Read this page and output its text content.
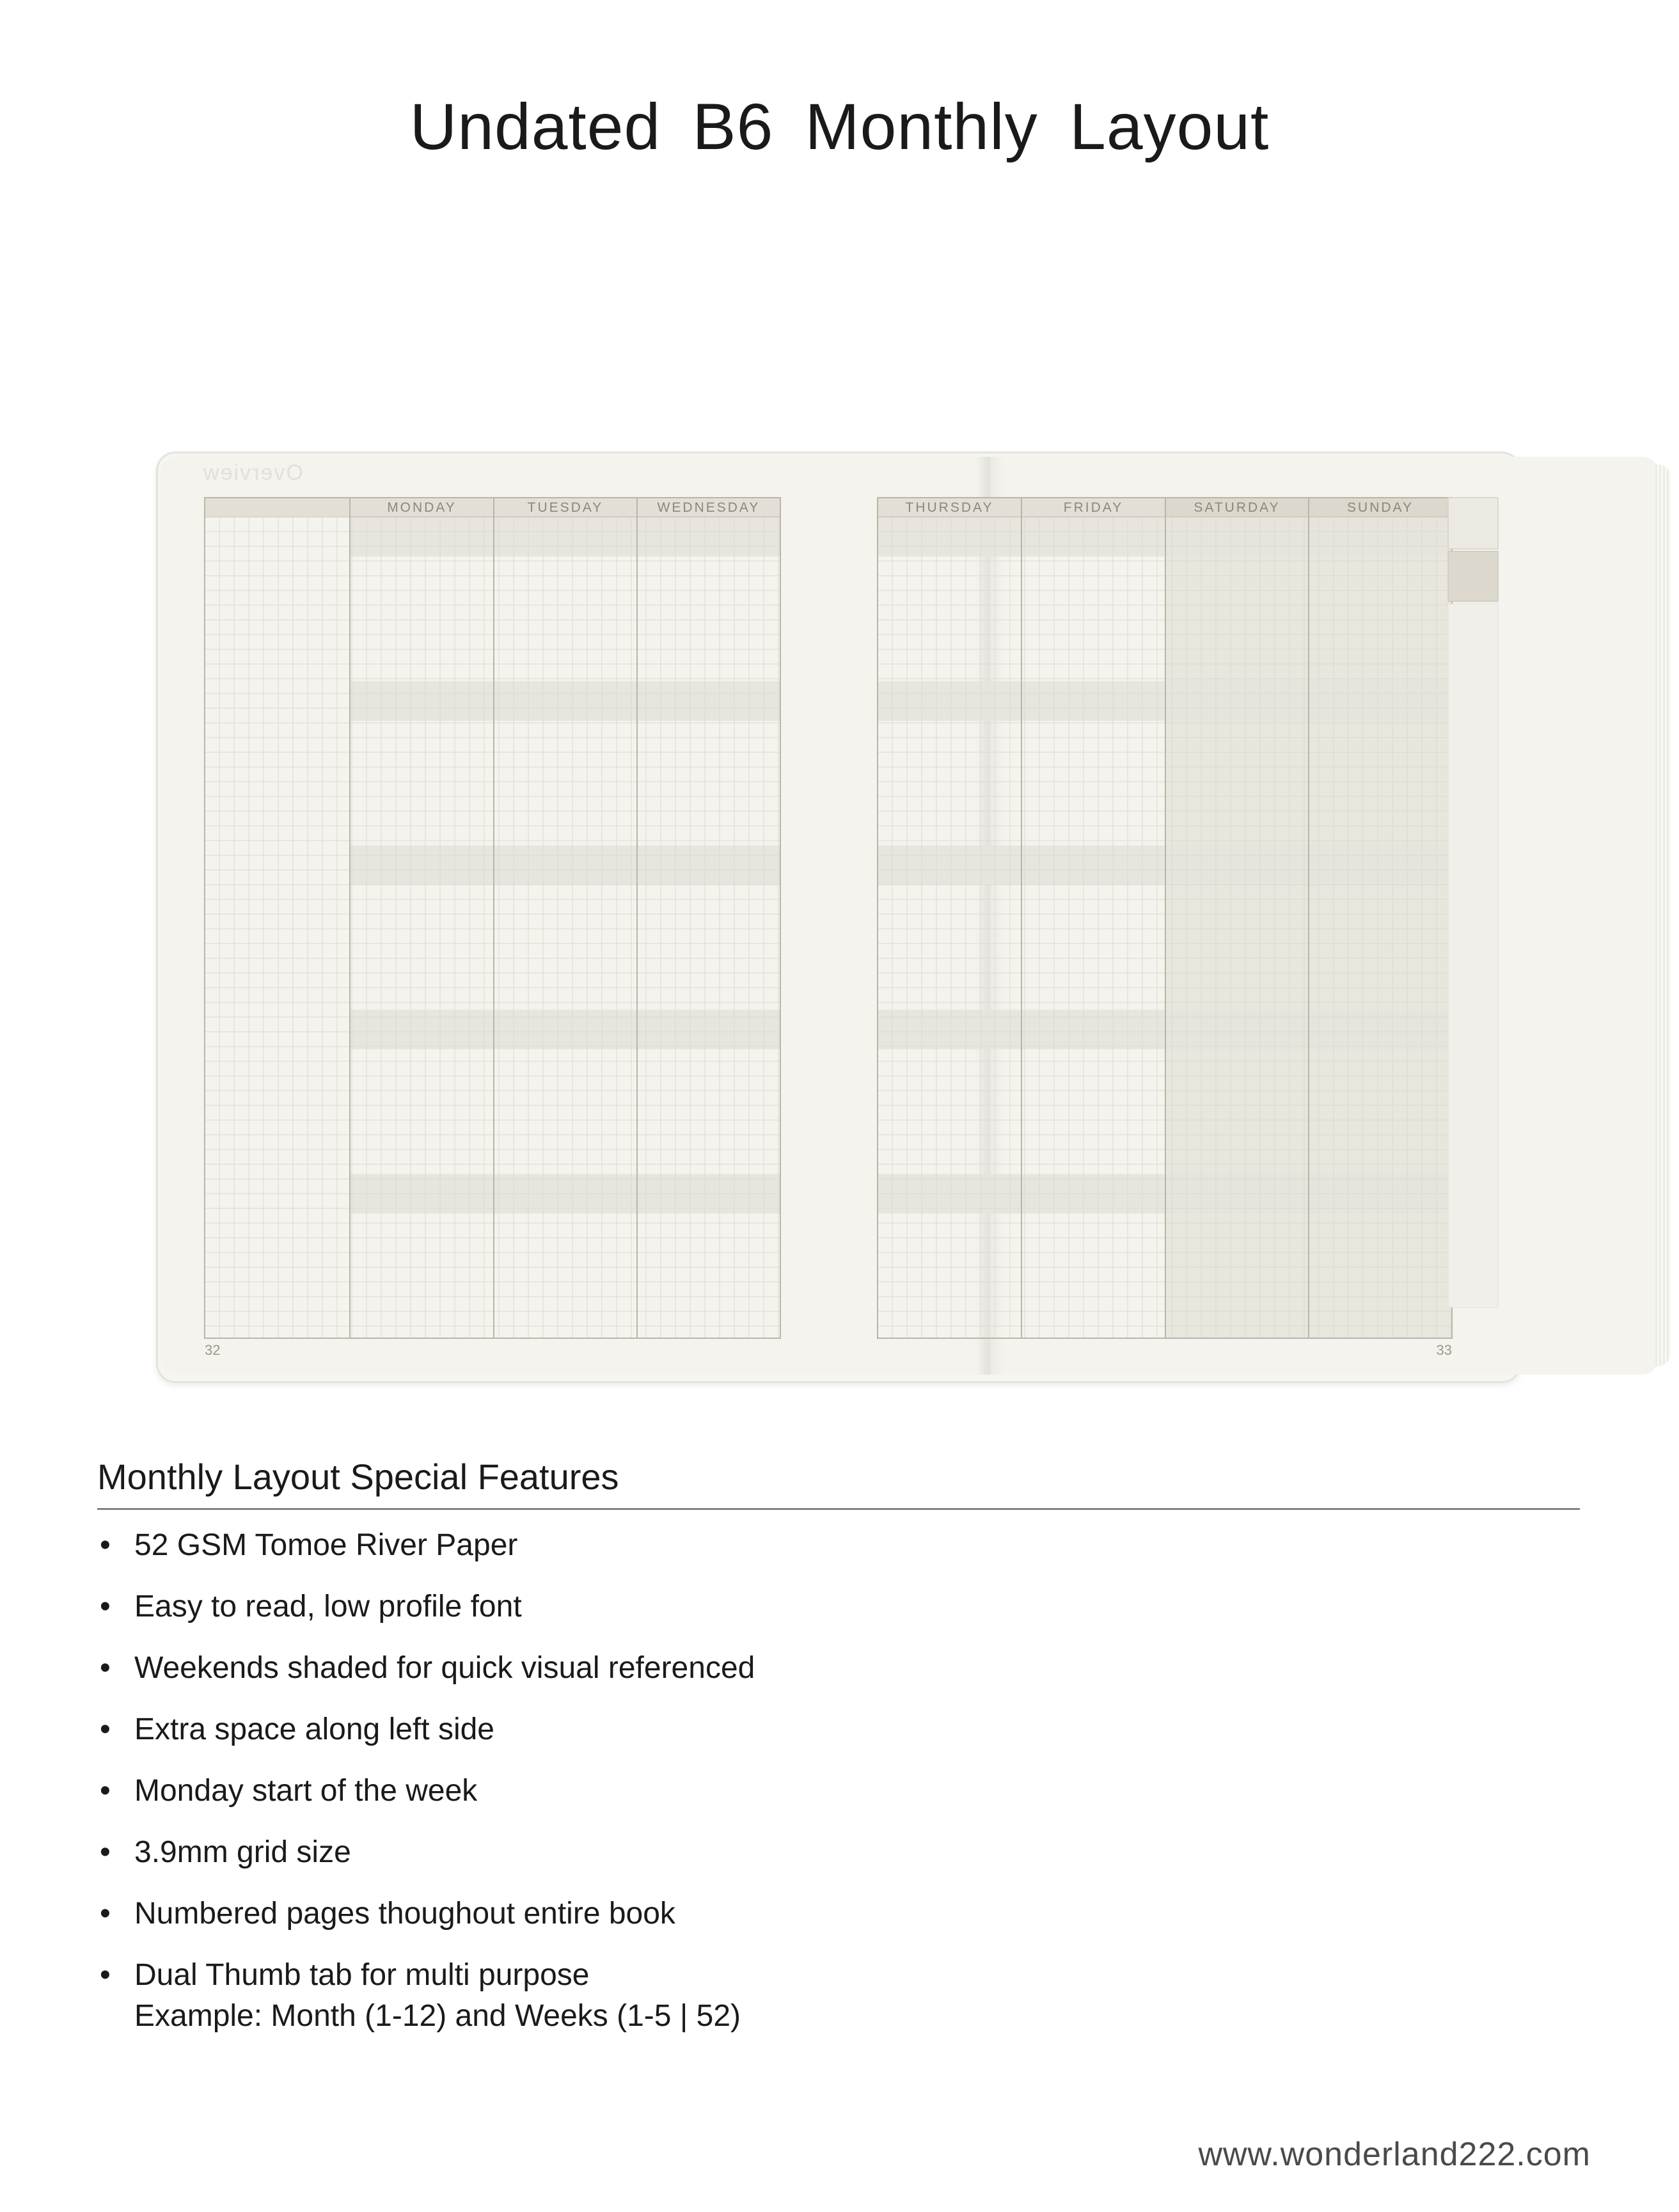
Undated B6 Monthly Layout
Overview
MONDAY	TUESDAY	WEDNESDAY	THURSDAY	FRIDAY	SATURDAY	SUNDAY
32	33
Monthly Layout Special Features
• 52 GSM Tomoe River Paper
• Easy to read, low profile font
• Weekends shaded for quick visual referenced
• Extra space along left side
• Monday start of the week
• 3.9mm grid size
• Numbered pages thoughout entire book
• Dual Thumb tab for multi purpose
Example: Month (1-12) and Weeks (1-5 | 52)
www.wonderland222.com
